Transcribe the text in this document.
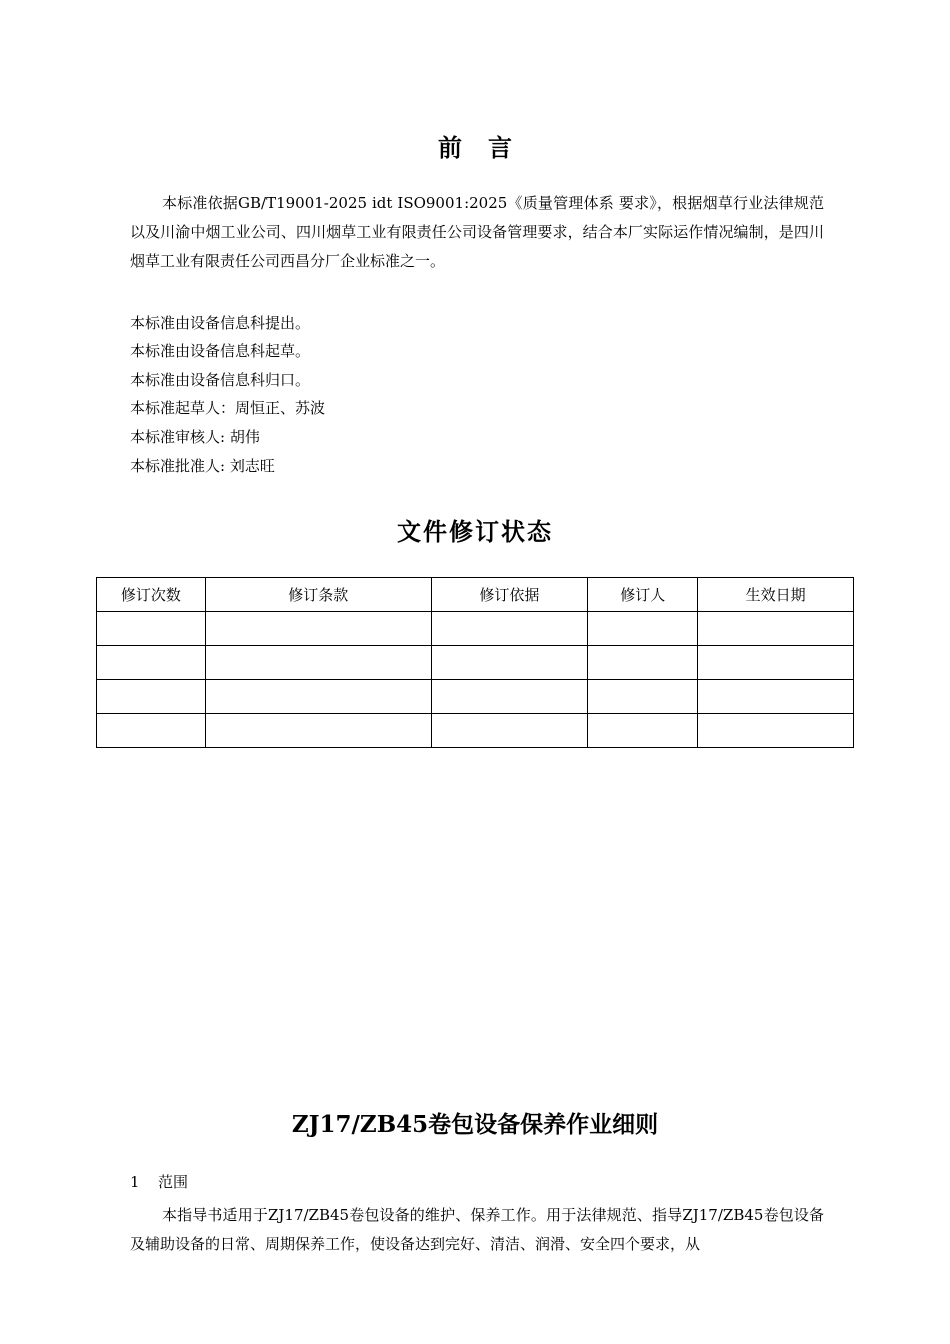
前言

本标准依据GB/T19001-2025 idt ISO9001:2025《质量管理体系 要求》，根据烟草行业法律规范以及川渝中烟工业公司、四川烟草工业有限责任公司设备管理要求，结合本厂实际运作情况编制，是四川烟草工业有限责任公司西昌分厂企业标准之一。

本标准由设备信息科提出。

本标准由设备信息科起草。

本标准由设备信息科归口。

本标准起草人：周恒正、苏波

本标准审核人: 胡伟

本标准批准人: 刘志旺

文件修订状态
修订次数	修订条款	修订依据	修订人	生效日期

ZJ17/ZB45卷包设备保养作业细则

1 范围

本指导书适用于ZJ17/ZB45卷包设备的维护、保养工作。用于法律规范、指导ZJ17/ZB45卷包设备及辅助设备的日常、周期保养工作，使设备达到完好、清洁、润滑、安全四个要求，从
